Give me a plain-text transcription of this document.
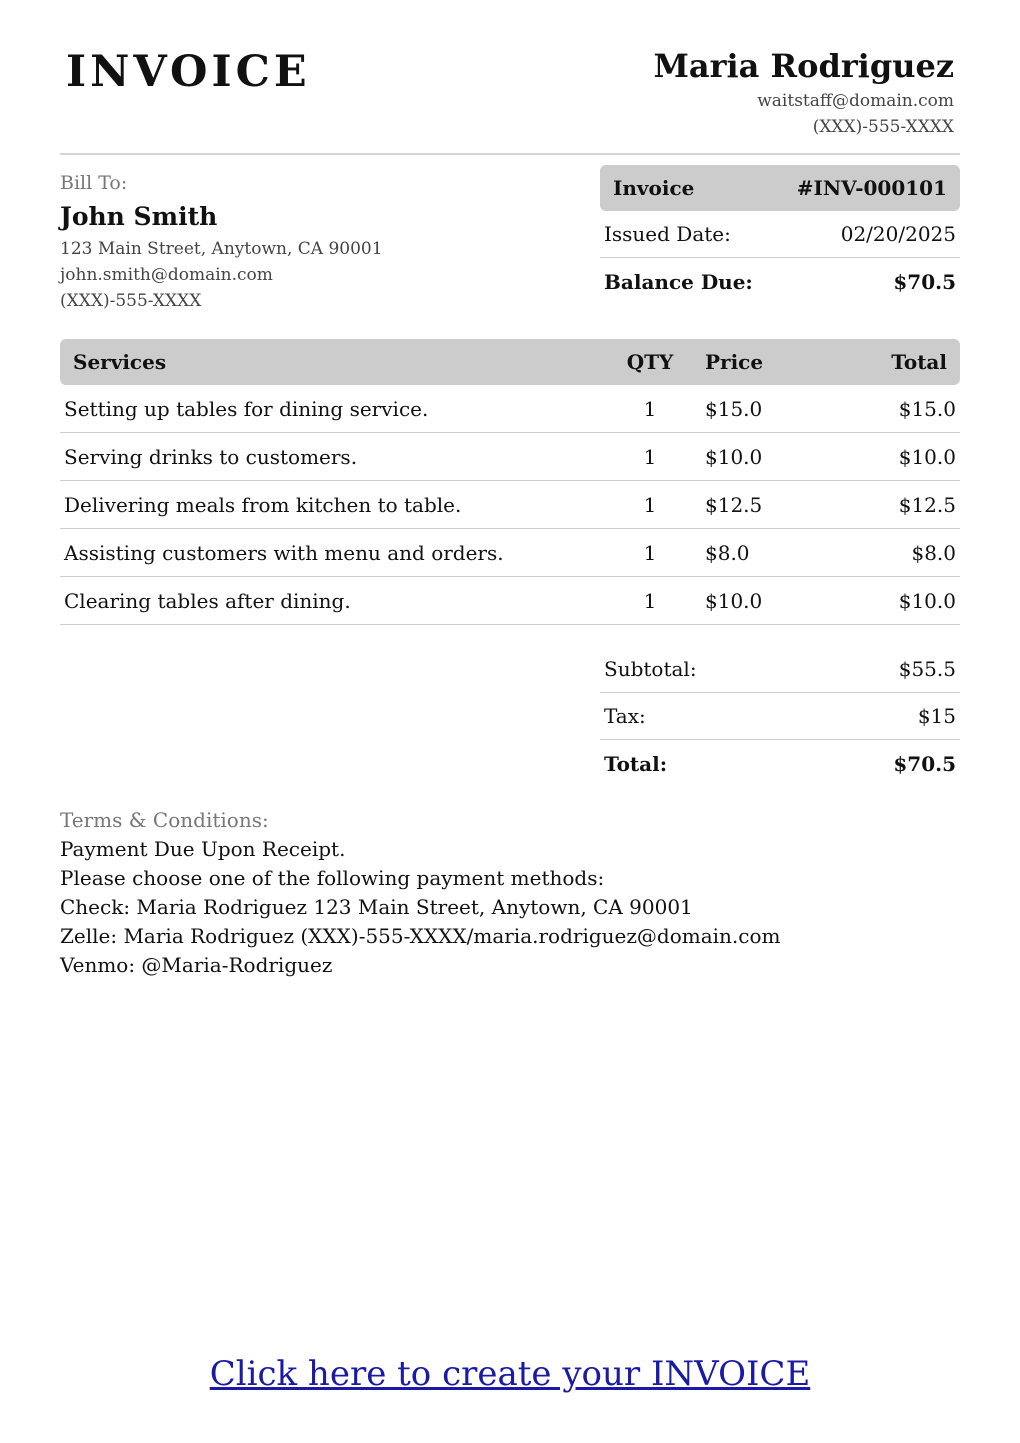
INVOICE	Maria Rodriguez
waitstaff@domain.com
(XXX)-555-XXXX
Bill To:
John Smith
123 Main Street, Anytown, CA 90001
john.smith@domain.com
(XXX)-555-XXXX
Invoice	#INV-000101
Issued Date:	02/20/2025
Balance Due:	$70.5
Services	QTY	Price	Total
Setting up tables for dining service.	1	$15.0	$15.0
Serving drinks to customers.	1	$10.0	$10.0
Delivering meals from kitchen to table.	1	$12.5	$12.5
Assisting customers with menu and orders.	1	$8.0	$8.0
Clearing tables after dining.	1	$10.0	$10.0
Subtotal:	$55.5
Tax:	$15
Total:	$70.5
Terms & Conditions:
Payment Due Upon Receipt.
Please choose one of the following payment methods:
Check: Maria Rodriguez 123 Main Street, Anytown, CA 90001
Zelle: Maria Rodriguez (XXX)-555-XXXX/maria.rodriguez@domain.com
Venmo: @Maria-Rodriguez
Click here to create your INVOICE
